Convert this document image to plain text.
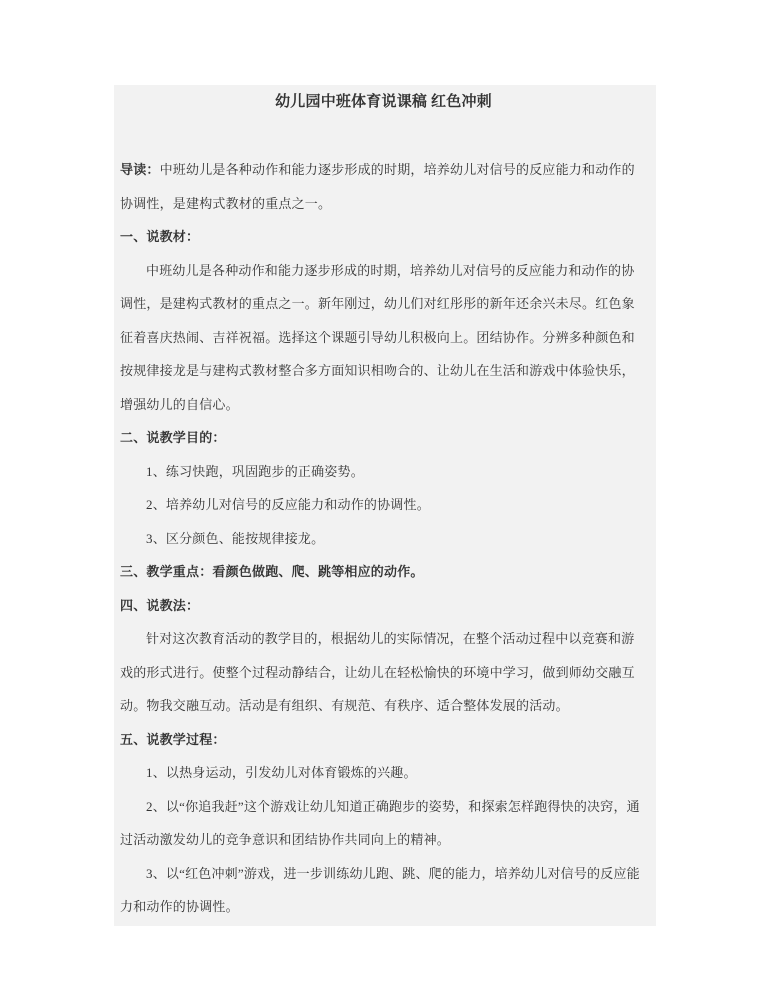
幼儿园中班体育说课稿 红色冲刺

导读：中班幼儿是各种动作和能力逐步形成的时期，培养幼儿对信号的反应能力和动作的协调性，是建构式教材的重点之一。

一、说教材：

中班幼儿是各种动作和能力逐步形成的时期，培养幼儿对信号的反应能力和动作的协调性，是建构式教材的重点之一。新年刚过，幼儿们对红彤彤的新年还余兴未尽。红色象征着喜庆热闹、吉祥祝福。选择这个课题引导幼儿积极向上。团结协作。分辨多种颜色和按规律接龙是与建构式教材整合多方面知识相吻合的、让幼儿在生活和游戏中体验快乐，增强幼儿的自信心。

二、说教学目的：

1、练习快跑，巩固跑步的正确姿势。

2、培养幼儿对信号的反应能力和动作的协调性。

3、区分颜色、能按规律接龙。

三、教学重点：看颜色做跑、爬、跳等相应的动作。
四、说教法：

针对这次教育活动的教学目的，根据幼儿的实际情况，在整个活动过程中以竞赛和游戏的形式进行。使整个过程动静结合，让幼儿在轻松愉快的环境中学习，做到师幼交融互动。物我交融互动。活动是有组织、有规范、有秩序、适合整体发展的活动。

五、说教学过程：

1、以热身运动，引发幼儿对体育锻炼的兴趣。

2、以“你追我赶”这个游戏让幼儿知道正确跑步的姿势，和探索怎样跑得快的决窍，通过活动激发幼儿的竞争意识和团结协作共同向上的精神。

3、以“红色冲刺”游戏，进一步训练幼儿跑、跳、爬的能力，培养幼儿对信号的反应能力和动作的协调性。
